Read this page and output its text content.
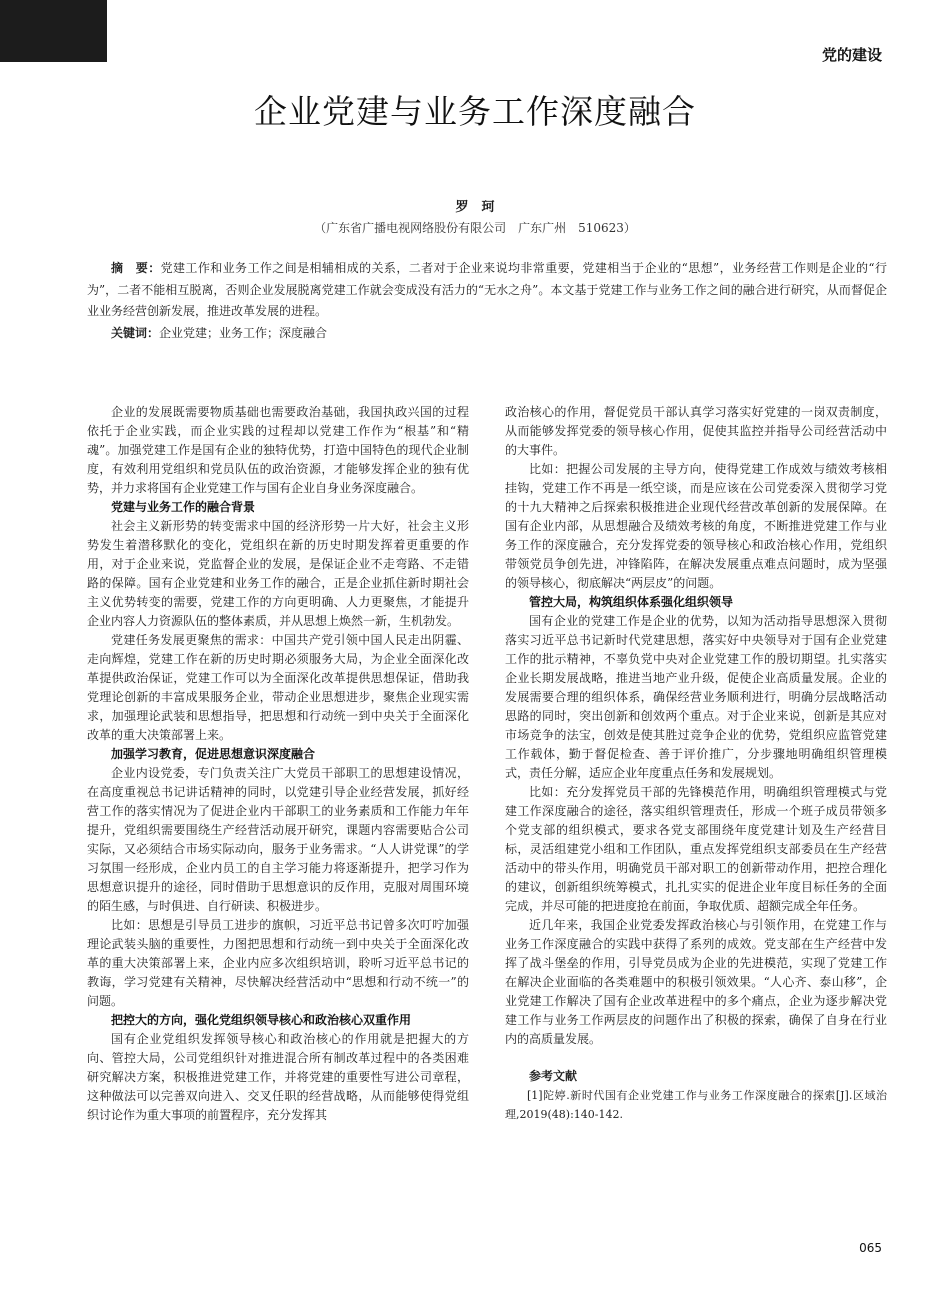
党的建设
企业党建与业务工作深度融合
罗　珂
（广东省广播电视网络股份有限公司　广东广州　510623）

摘　要：党建工作和业务工作之间是相辅相成的关系，二者对于企业来说均非常重要，党建相当于企业的“思想”，业务经营工作则是企业的“行为”，二者不能相互脱离，否则企业发展脱离党建工作就会变成没有活力的“无水之舟”。本文基于党建工作与业务工作之间的融合进行研究，从而督促企业业务经营创新发展，推进改革发展的进程。

关键词：企业党建；业务工作；深度融合

企业的发展既需要物质基础也需要政治基础，我国执政兴国的过程依托于企业实践，而企业实践的过程却以党建工作作为“根基”和“精魂”。加强党建工作是国有企业的独特优势，打造中国特色的现代企业制度，有效利用党组织和党员队伍的政治资源，才能够发挥企业的独有优势，并力求将国有企业党建工作与国有企业自身业务深度融合。

党建与业务工作的融合背景

社会主义新形势的转变需求中国的经济形势一片大好，社会主义形势发生着潜移默化的变化，党组织在新的历史时期发挥着更重要的作用，对于企业来说，党监督企业的发展，是保证企业不走弯路、不走错路的保障。国有企业党建和业务工作的融合，正是企业抓住新时期社会主义优势转变的需要，党建工作的方向更明确、人力更聚焦，才能提升企业内容人力资源队伍的整体素质，并从思想上焕然一新，生机勃发。

党建任务发展更聚焦的需求：中国共产党引领中国人民走出阴霾、走向辉煌，党建工作在新的历史时期必须服务大局，为企业全面深化改革提供政治保证，党建工作可以为全面深化改革提供思想保证，借助我党理论创新的丰富成果服务企业，带动企业思想进步，聚焦企业现实需求，加强理论武装和思想指导，把思想和行动统一到中央关于全面深化改革的重大决策部署上来。

加强学习教育，促进思想意识深度融合

企业内设党委，专门负责关注广大党员干部职工的思想建设情况，在高度重视总书记讲话精神的同时，以党建引导企业经营发展，抓好经营工作的落实情况为了促进企业内干部职工的业务素质和工作能力年年提升，党组织需要围绕生产经营活动展开研究，课题内容需要贴合公司实际，又必须结合市场实际动向，服务于业务需求。“人人讲党课”的学习氛围一经形成，企业内员工的自主学习能力将逐渐提升，把学习作为思想意识提升的途径，同时借助于思想意识的反作用，克服对周围环境的陌生感，与时俱进、自行研读、积极进步。

比如：思想是引导员工进步的旗帜，习近平总书记曾多次叮咛加强理论武装头脑的重要性，力图把思想和行动统一到中央关于全面深化改革的重大决策部署上来，企业内应多次组织培训，聆听习近平总书记的教诲，学习党建有关精神，尽快解决经营活动中“思想和行动不统一”的问题。

把控大的方向，强化党组织领导核心和政治核心双重作用

国有企业党组织发挥领导核心和政治核心的作用就是把握大的方向、管控大局，公司党组织针对推进混合所有制改革过程中的各类困难研究解决方案，积极推进党建工作，并将党建的重要性写进公司章程，这种做法可以完善双向进入、交叉任职的经营战略，从而能够使得党组织讨论作为重大事项的前置程序，充分发挥其

政治核心的作用，督促党员干部认真学习落实好党建的一岗双责制度，从而能够发挥党委的领导核心作用，促使其监控并指导公司经营活动中的大事件。

比如：把握公司发展的主导方向，使得党建工作成效与绩效考核相挂钩，党建工作不再是一纸空谈，而是应该在公司党委深入贯彻学习党的十九大精神之后探索积极推进企业现代经营改革创新的发展保障。在国有企业内部，从思想融合及绩效考核的角度，不断推进党建工作与业务工作的深度融合，充分发挥党委的领导核心和政治核心作用，党组织带领党员争创先进，冲锋陷阵，在解决发展重点难点问题时，成为坚强的领导核心，彻底解决“两层皮”的问题。

管控大局，构筑组织体系强化组织领导

国有企业的党建工作是企业的优势，以知为活动指导思想深入贯彻落实习近平总书记新时代党建思想，落实好中央领导对于国有企业党建工作的批示精神，不辜负党中央对企业党建工作的殷切期望。扎实落实企业长期发展战略，推进当地产业升级，促使企业高质量发展。企业的发展需要合理的组织体系，确保经营业务顺利进行，明确分层战略活动思路的同时，突出创新和创效两个重点。对于企业来说，创新是其应对市场竞争的法宝，创效是使其胜过竞争企业的优势，党组织应监管党建工作载体，勤于督促检查、善于评价推广，分步骤地明确组织管理模式，责任分解，适应企业年度重点任务和发展规划。

比如：充分发挥党员干部的先锋模范作用，明确组织管理模式与党建工作深度融合的途径，落实组织管理责任，形成一个班子成员带领多个党支部的组织模式，要求各党支部围绕年度党建计划及生产经营目标，灵活组建党小组和工作团队，重点发挥党组织支部委员在生产经营活动中的带头作用，明确党员干部对职工的创新带动作用，把控合理化的建议，创新组织统筹模式，扎扎实实的促进企业年度目标任务的全面完成，并尽可能的把进度抢在前面，争取优质、超额完成全年任务。

近几年来，我国企业党委发挥政治核心与引领作用，在党建工作与业务工作深度融合的实践中获得了系列的成效。党支部在生产经营中发挥了战斗堡垒的作用，引导党员成为企业的先进模范，实现了党建工作在解决企业面临的各类难题中的积极引领效果。“人心齐、泰山移”，企业党建工作解决了国有企业改革进程中的多个痛点，企业为逐步解决党建工作与业务工作两层皮的问题作出了积极的探索，确保了自身在行业内的高质量发展。

参考文献

[1]陀婷.新时代国有企业党建工作与业务工作深度融合的探索[J].区域治理,2019(48):140-142.

065
